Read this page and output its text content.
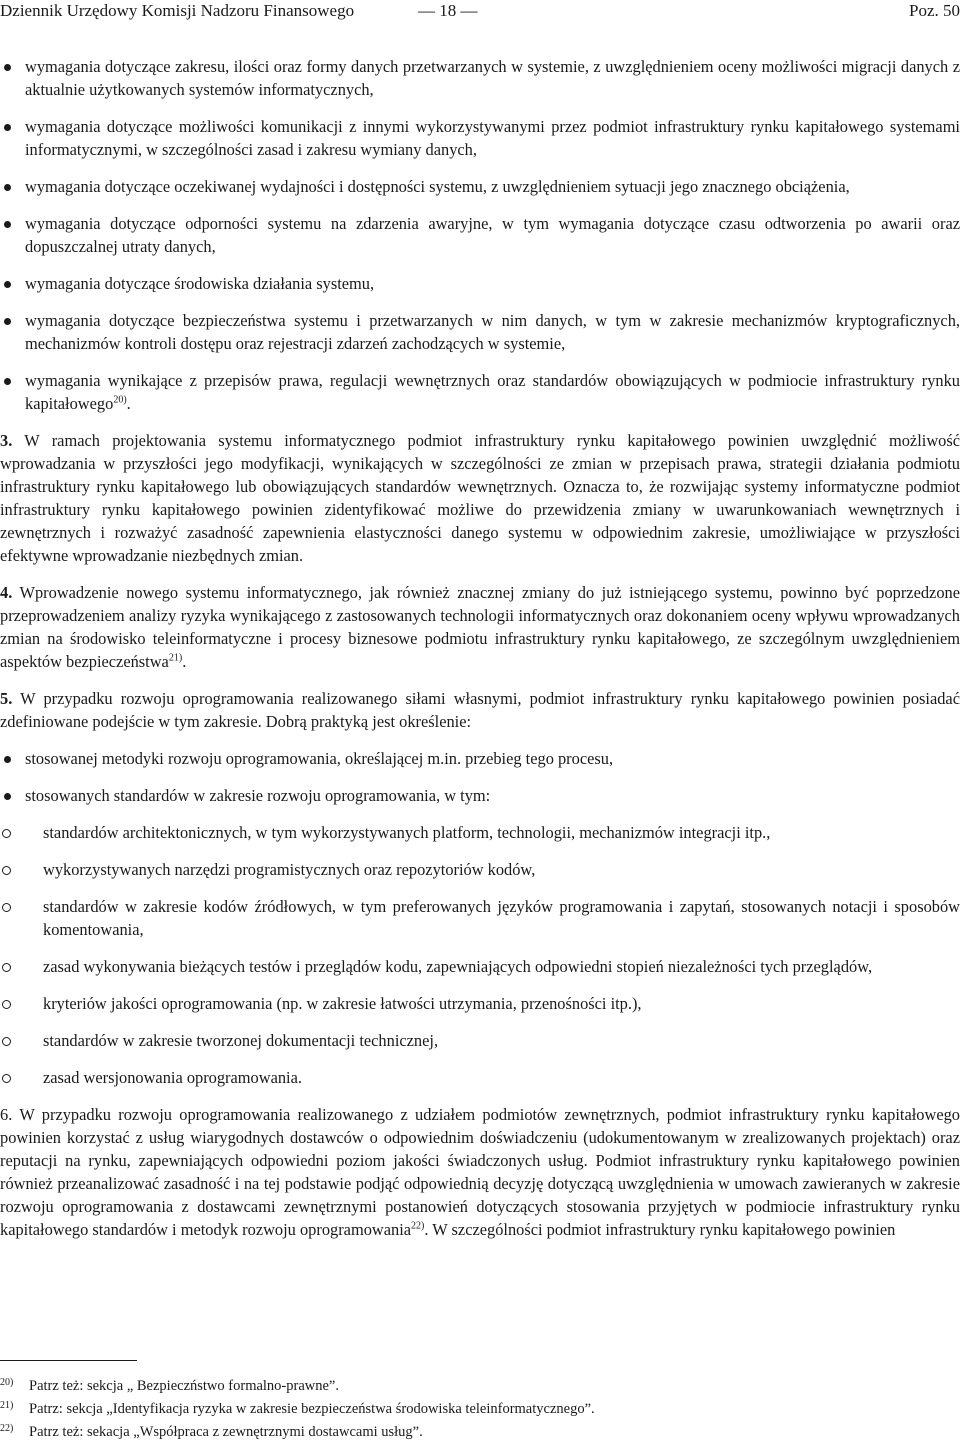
Dziennik Urzędowy Komisji Nadzoru Finansowego	— 18 —	Poz. 50
wymagania dotyczące zakresu, ilości oraz formy danych przetwarzanych w systemie, z uwzględnieniem oceny możliwości migracji danych z aktualnie użytkowanych systemów informatycznych,
wymagania dotyczące możliwości komunikacji z innymi wykorzystywanymi przez podmiot infrastruktury rynku kapitałowego systemami informatycznymi, w szczególności zasad i zakresu wymiany danych,
wymagania dotyczące oczekiwanej wydajności i dostępności systemu, z uwzględnieniem sytuacji jego znacznego obciążenia,
wymagania dotyczące odporności systemu na zdarzenia awaryjne, w tym wymagania dotyczące czasu odtworzenia po awarii oraz dopuszczalnej utraty danych,
wymagania dotyczące środowiska działania systemu,
wymagania dotyczące bezpieczeństwa systemu i przetwarzanych w nim danych, w tym w zakresie mechanizmów kryptograficznych, mechanizmów kontroli dostępu oraz rejestracji zdarzeń zachodzących w systemie,
wymagania wynikające z przepisów prawa, regulacji wewnętrznych oraz standardów obowiązujących w podmiocie infrastruktury rynku kapitałowego$^{20)}$.
3. W ramach projektowania systemu informatycznego podmiot infrastruktury rynku kapitałowego powinien uwzględnić możliwość wprowadzania w przyszłości jego modyfikacji, wynikających w szczególności ze zmian w przepisach prawa, strategii działania podmiotu infrastruktury rynku kapitałowego lub obowiązujących standardów wewnętrznych. Oznacza to, że rozwijając systemy informatyczne podmiot infrastruktury rynku kapitałowego powinien zidentyfikować możliwe do przewidzenia zmiany w uwarunkowaniach wewnętrznych i zewnętrznych i rozważyć zasadność zapewnienia elastyczności danego systemu w odpowiednim zakresie, umożliwiające w przyszłości efektywne wprowadzanie niezbędnych zmian.
4. Wprowadzenie nowego systemu informatycznego, jak również znacznej zmiany do już istniejącego systemu, powinno być poprzedzone przeprowadzeniem analizy ryzyka wynikającego z zastosowanych technologii informatycznych oraz dokonaniem oceny wpływu wprowadzanych zmian na środowisko teleinformatyczne i procesy biznesowe podmiotu infrastruktury rynku kapitałowego, ze szczególnym uwzględnieniem aspektów bezpieczeństwa$^{21)}$.
5. W przypadku rozwoju oprogramowania realizowanego siłami własnymi, podmiot infrastruktury rynku kapitałowego powinien posiadać zdefiniowane podejście w tym zakresie. Dobrą praktyką jest określenie:
stosowanej metodyki rozwoju oprogramowania, określającej m.in. przebieg tego procesu,
stosowanych standardów w zakresie rozwoju oprogramowania, w tym:
standardów architektonicznych, w tym wykorzystywanych platform, technologii, mechanizmów integracji itp.,
wykorzystywanych narzędzi programistycznych oraz repozytoriów kodów,
standardów w zakresie kodów źródłowych, w tym preferowanych języków programowania i zapytań, stosowanych notacji i sposobów komentowania,
zasad wykonywania bieżących testów i przeglądów kodu, zapewniających odpowiedni stopień niezależności tych przeglądów,
kryteriów jakości oprogramowania (np. w zakresie łatwości utrzymania, przenośności itp.),
standardów w zakresie tworzonej dokumentacji technicznej,
zasad wersjonowania oprogramowania.
6. W przypadku rozwoju oprogramowania realizowanego z udziałem podmiotów zewnętrznych, podmiot infrastruktury rynku kapitałowego powinien korzystać z usług wiarygodnych dostawców o odpowiednim doświadczeniu (udokumentowanym w zrealizowanych projektach) oraz reputacji na rynku, zapewniających odpowiedni poziom jakości świadczonych usług. Podmiot infrastruktury rynku kapitałowego powinien również przeanalizować zasadność i na tej podstawie podjąć odpowiednią decyzję dotyczącą uwzględnienia w umowach zawieranych w zakresie rozwoju oprogramowania z dostawcami zewnętrznymi postanowień dotyczących stosowania przyjętych w podmiocie infrastruktury rynku kapitałowego standardów i metodyk rozwoju oprogramowania$^{22)}$. W szczególności podmiot infrastruktury rynku kapitałowego powinien
20) Patrz też: sekcja „ Bezpieczństwo formalno-prawne”.
21) Patrz: sekcja „Identyfikacja ryzyka w zakresie bezpieczeństwa środowiska teleinformatycznego”.
22) Patrz też: sekacja „Współpraca z zewnętrznymi dostawcami usług”.
